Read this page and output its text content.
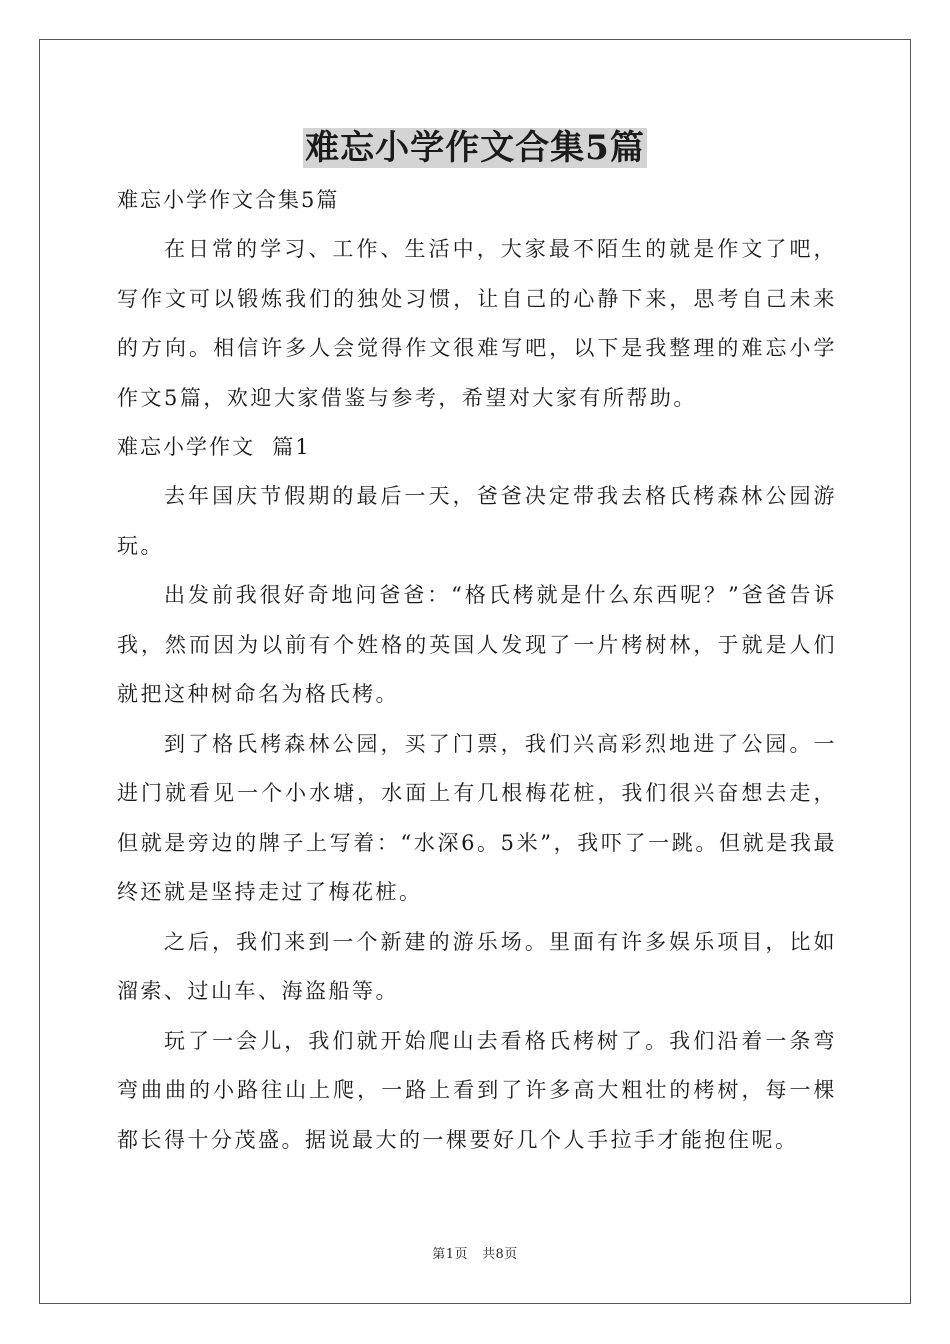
难忘小学作文合集5篇

难忘小学作文合集5篇

在日常的学习、工作、生活中，大家最不陌生的就是作文了吧，写作文可以锻炼我们的独处习惯，让自己的心静下来，思考自己未来的方向。相信许多人会觉得作文很难写吧，以下是我整理的难忘小学作文5篇，欢迎大家借鉴与参考，希望对大家有所帮助。

难忘小学作文  篇1

去年国庆节假期的最后一天，爸爸决定带我去格氏栲森林公园游玩。

出发前我很好奇地问爸爸：“格氏栲就是什么东西呢？”爸爸告诉我，然而因为以前有个姓格的英国人发现了一片栲树林，于就是人们就把这种树命名为格氏栲。

到了格氏栲森林公园，买了门票，我们兴高彩烈地进了公园。一进门就看见一个小水塘，水面上有几根梅花桩，我们很兴奋想去走，但就是旁边的牌子上写着：“水深6。5米”，我吓了一跳。但就是我最终还就是坚持走过了梅花桩。

之后，我们来到一个新建的游乐场。里面有许多娱乐项目，比如溜索、过山车、海盗船等。

玩了一会儿，我们就开始爬山去看格氏栲树了。我们沿着一条弯弯曲曲的小路往山上爬，一路上看到了许多高大粗壮的栲树，每一棵都长得十分茂盛。据说最大的一棵要好几个人手拉手才能抱住呢。

第1页 共8页
